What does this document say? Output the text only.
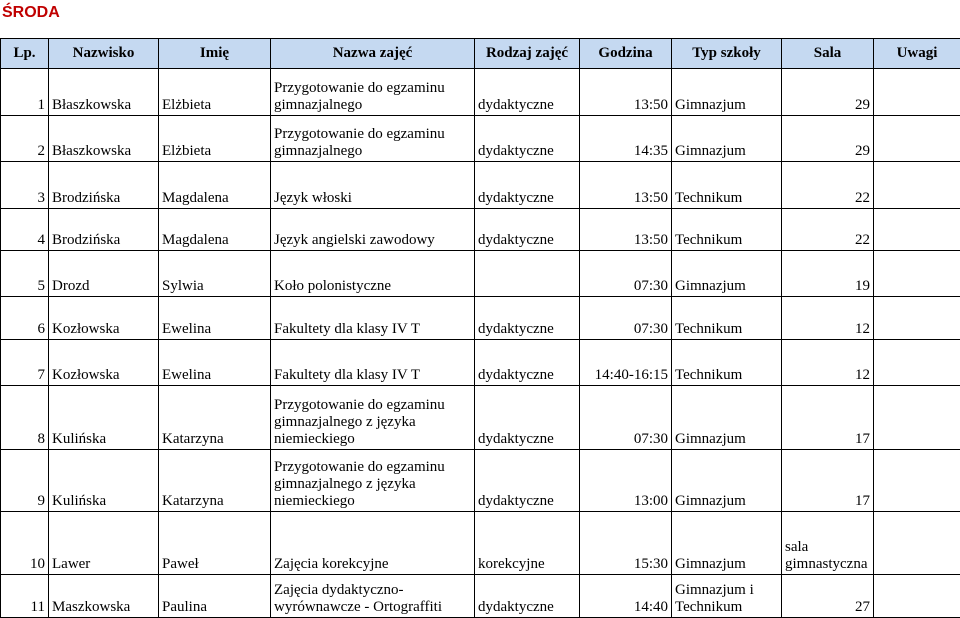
ŚRODA
Lp.	Nazwisko	Imię	Nazwa zajęć	Rodzaj zajęć	Godzina	Typ szkoły	Sala	Uwagi
1	Błaszkowska	Elżbieta	Przygotowanie do egzaminu gimnazjalnego	dydaktyczne	13:50	Gimnazjum	29	
2	Błaszkowska	Elżbieta	Przygotowanie do egzaminu gimnazjalnego	dydaktyczne	14:35	Gimnazjum	29	
3	Brodzińska	Magdalena	Język włoski	dydaktyczne	13:50	Technikum	22	
4	Brodzińska	Magdalena	Język angielski zawodowy	dydaktyczne	13:50	Technikum	22	
5	Drozd	Sylwia	Koło polonistyczne		07:30	Gimnazjum	19	
6	Kozłowska	Ewelina	Fakultety dla klasy IV T	dydaktyczne	07:30	Technikum	12	
7	Kozłowska	Ewelina	Fakultety dla klasy IV T	dydaktyczne	14:40-16:15	Technikum	12	
8	Kulińska	Katarzyna	Przygotowanie do egzaminu gimnazjalnego z języka niemieckiego	dydaktyczne	07:30	Gimnazjum	17	
9	Kulińska	Katarzyna	Przygotowanie do egzaminu gimnazjalnego z języka niemieckiego	dydaktyczne	13:00	Gimnazjum	17	
10	Lawer	Paweł	Zajęcia korekcyjne	korekcyjne	15:30	Gimnazjum	sala gimnastyczna	
11	Maszkowska	Paulina	Zajęcia dydaktyczno-wyrównawcze - Ortograffiti	dydaktyczne	14:40	Gimnazjum i Technikum	27	
